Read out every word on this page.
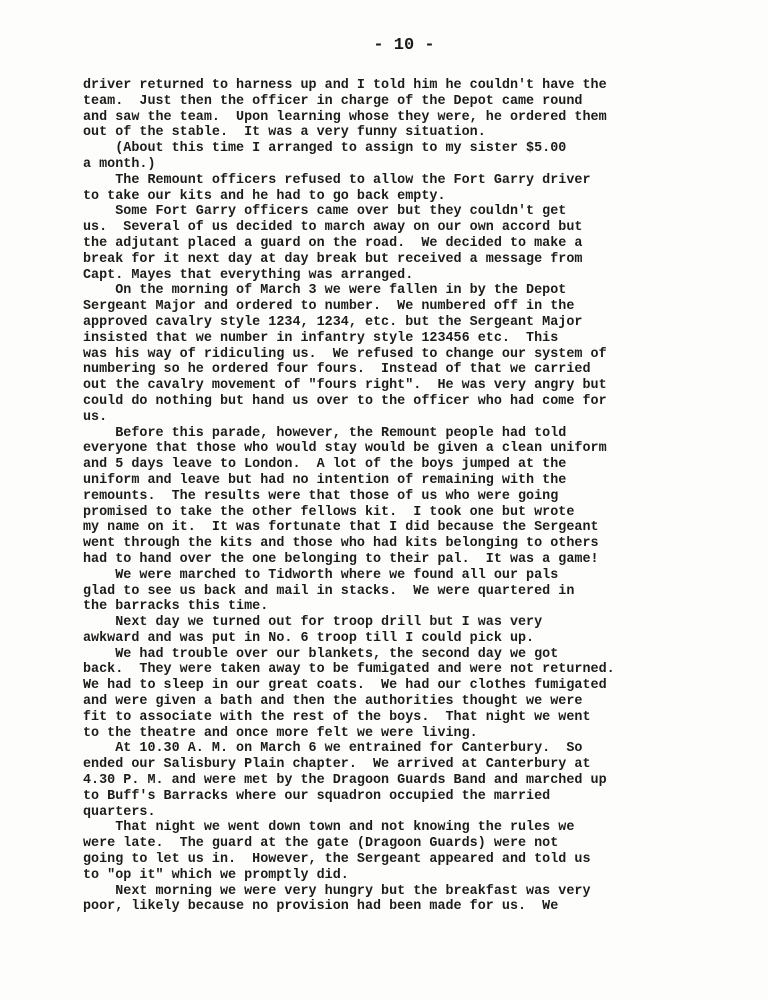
- 10 -
driver returned to harness up and I told him he couldn't have the
team.  Just then the officer in charge of the Depot came round
and saw the team.  Upon learning whose they were, he ordered them
out of the stable.  It was a very funny situation.
(About this time I arranged to assign to my sister $5.00
a month.)
The Remount officers refused to allow the Fort Garry driver
to take our kits and he had to go back empty.
Some Fort Garry officers came over but they couldn't get
us.  Several of us decided to march away on our own accord but
the adjutant placed a guard on the road.  We decided to make a
break for it next day at day break but received a message from
Capt. Mayes that everything was arranged.
On the morning of March 3 we were fallen in by the Depot
Sergeant Major and ordered to number.  We numbered off in the
approved cavalry style 1234, 1234, etc. but the Sergeant Major
insisted that we number in infantry style 123456 etc.  This
was his way of ridiculing us.  We refused to change our system of
numbering so he ordered four fours.  Instead of that we carried
out the cavalry movement of "fours right".  He was very angry but
could do nothing but hand us over to the officer who had come for
us.
Before this parade, however, the Remount people had told
everyone that those who would stay would be given a clean uniform
and 5 days leave to London.  A lot of the boys jumped at the
uniform and leave but had no intention of remaining with the
remounts.  The results were that those of us who were going
promised to take the other fellows kit.  I took one but wrote
my name on it.  It was fortunate that I did because the Sergeant
went through the kits and those who had kits belonging to others
had to hand over the one belonging to their pal.  It was a game!
We were marched to Tidworth where we found all our pals
glad to see us back and mail in stacks.  We were quartered in
the barracks this time.
Next day we turned out for troop drill but I was very
awkward and was put in No. 6 troop till I could pick up.
We had trouble over our blankets, the second day we got
back.  They were taken away to be fumigated and were not returned.
We had to sleep in our great coats.  We had our clothes fumigated
and were given a bath and then the authorities thought we were
fit to associate with the rest of the boys.  That night we went
to the theatre and once more felt we were living.
At 10.30 A. M. on March 6 we entrained for Canterbury.  So
ended our Salisbury Plain chapter.  We arrived at Canterbury at
4.30 P. M. and were met by the Dragoon Guards Band and marched up
to Buff's Barracks where our squadron occupied the married
quarters.
That night we went down town and not knowing the rules we
were late.  The guard at the gate (Dragoon Guards) were not
going to let us in.  However, the Sergeant appeared and told us
to "op it" which we promptly did.
Next morning we were very hungry but the breakfast was very
poor, likely because no provision had been made for us.  We
